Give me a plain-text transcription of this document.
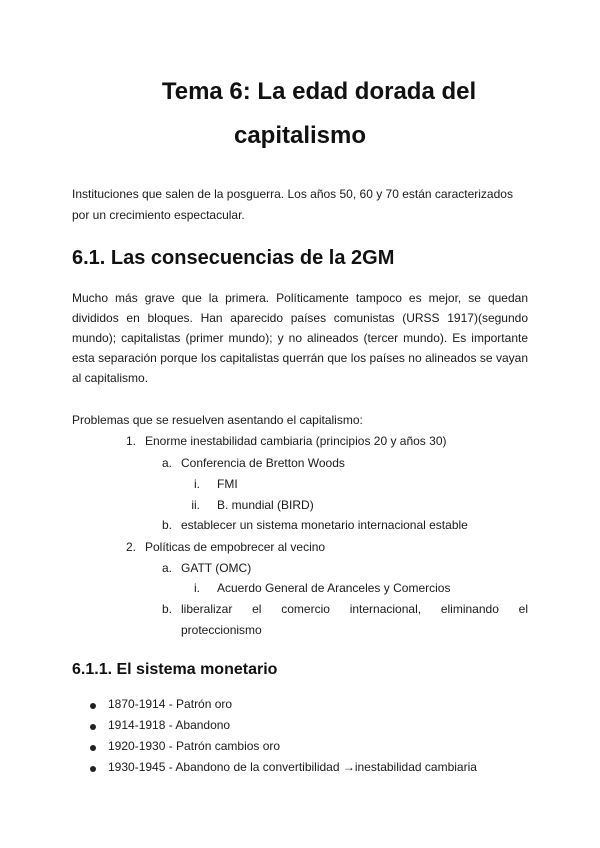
Tema 6: La edad dorada del
capitalismo
Instituciones que salen de la posguerra. Los años 50, 60 y 70 están caracterizados por un crecimiento espectacular.
6.1. Las consecuencias de la 2GM
Mucho más grave que la primera. Políticamente tampoco es mejor, se quedan divididos en bloques. Han aparecido países comunistas (URSS 1917)(segundo mundo); capitalistas (primer mundo); y no alineados (tercer mundo). Es importante esta separación porque los capitalistas querrán que los países no alineados se vayan al capitalismo.
Problemas que se resuelven asentando el capitalismo:
1. Enorme inestabilidad cambiaria (principios 20 y años 30)
a. Conferencia de Bretton Woods
i. FMI
ii. B. mundial (BIRD)
b. establecer un sistema monetario internacional estable
2. Políticas de empobrecer al vecino
a. GATT (OMC)
i. Acuerdo General de Aranceles y Comercios
b. liberalizar el comercio internacional, eliminando el
proteccionismo
6.1.1. El sistema monetario
1870-1914 - Patrón oro
1914-1918 - Abandono
1920-1930 - Patrón cambios oro
1930-1945 - Abandono de la convertibilidad →inestabilidad cambiaria
